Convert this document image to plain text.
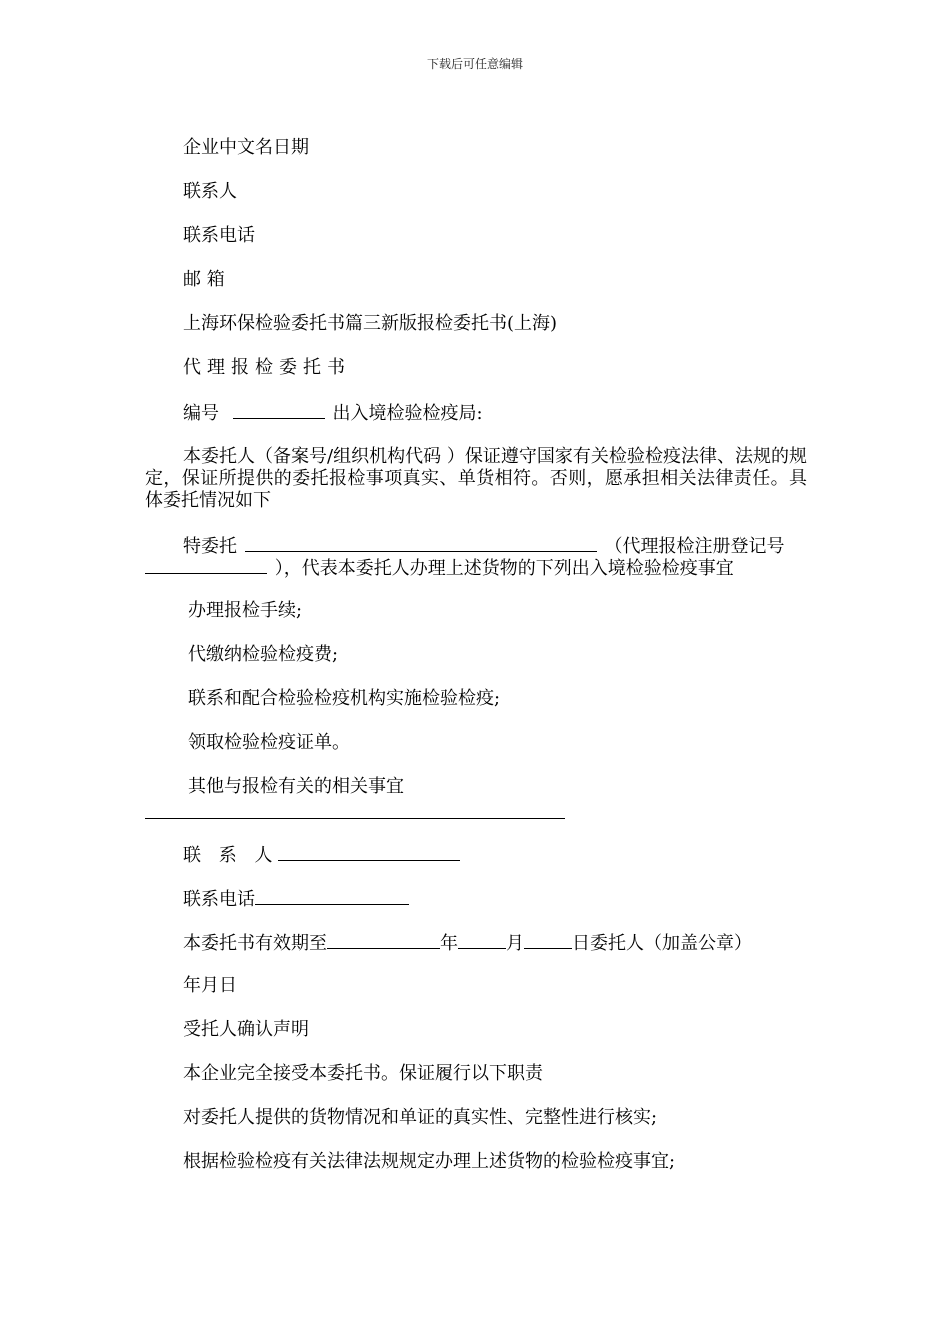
下载后可任意编辑
企业中文名日期
联系人
联系电话
邮 箱
上海环保检验委托书篇三新版报检委托书(上海)
代理报检委托书
编号	出入境检验检疫局:
本委托人（备案号/组织机构代码 ）保证遵守国家有关检验检疫法律、法规的规定，保证所提供的委托报检事项真实、单货相符。否则，愿承担相关法律责任。具体委托情况如下
特委托	（代理报检注册登记号
），代表本委托人办理上述货物的下列出入境检验检疫事宜
办理报检手续;
代缴纳检验检疫费;
联系和配合检验检疫机构实施检验检疫;
领取检验检疫证单。
其他与报检有关的相关事宜
联 系 人
联系电话
本委托书有效期至	年	月	日委托人（加盖公章）
年月日
受托人确认声明
本企业完全接受本委托书。保证履行以下职责
对委托人提供的货物情况和单证的真实性、完整性进行核实;
根据检验检疫有关法律法规规定办理上述货物的检验检疫事宜;
